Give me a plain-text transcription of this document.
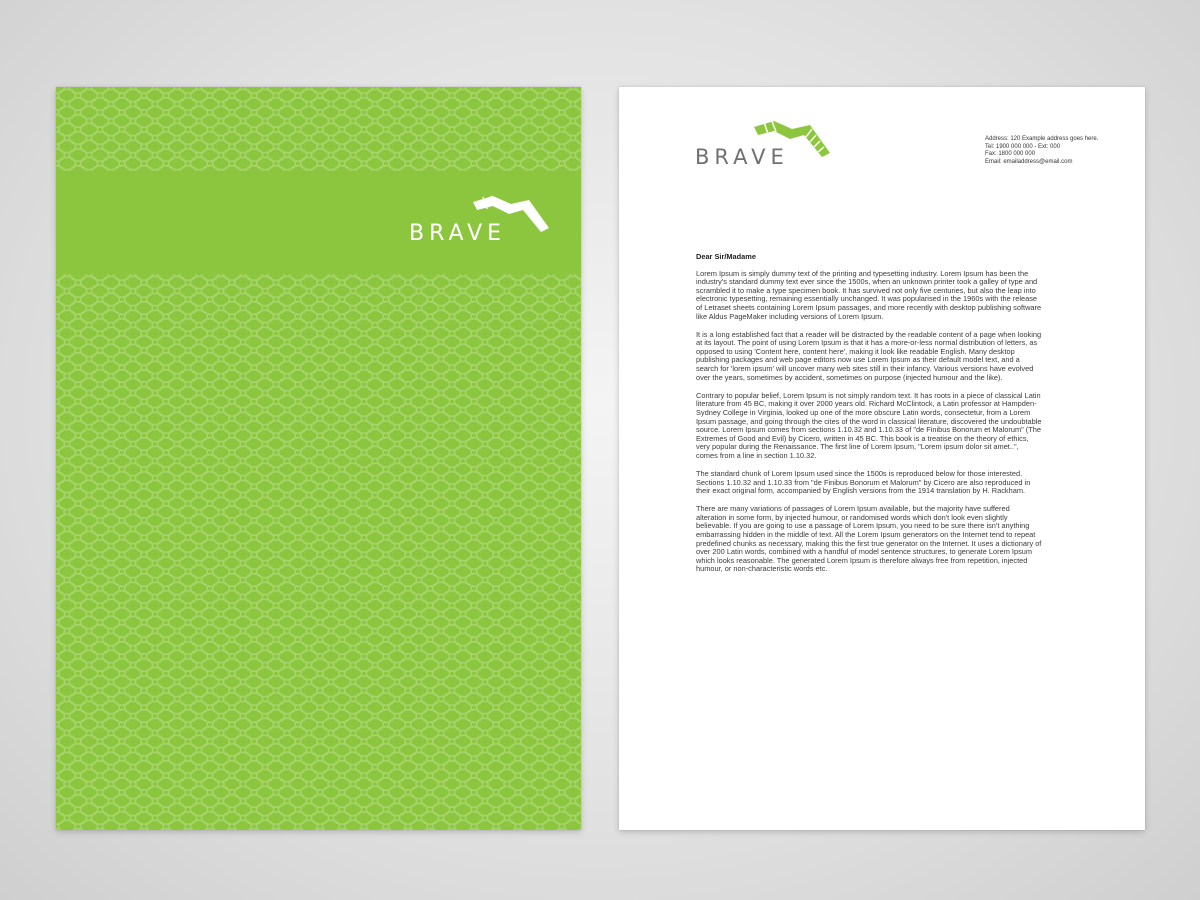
BRAVE
BRAVE
Address: 120 Example address goes here.
Tel: 1900 000 000 - Ext: 000
Fax: 1800 000 000
Email: emailaddress@email.com
Dear Sir/Madame

Lorem Ipsum is simply dummy text of the printing and typesetting industry. Lorem Ipsum has been the industry's standard dummy text ever since the 1500s, when an unknown printer took a galley of type and scrambled it to make a type specimen book. It has survived not only five centuries, but also the leap into electronic typesetting, remaining essentially unchanged. It was popularised in the 1960s with the release of Letraset sheets containing Lorem Ipsum passages, and more recently with desktop publishing software like Aldus PageMaker including versions of Lorem Ipsum.

It is a long established fact that a reader will be distracted by the readable content of a page when looking at its layout. The point of using Lorem Ipsum is that it has a more-or-less normal distribution of letters, as opposed to using 'Content here, content here', making it look like readable English. Many desktop publishing packages and web page editors now use Lorem Ipsum as their default model text, and a search for 'lorem ipsum' will uncover many web sites still in their infancy. Various versions have evolved over the years, sometimes by accident, sometimes on purpose (injected humour and the like).

Contrary to popular belief, Lorem Ipsum is not simply random text. It has roots in a piece of classical Latin literature from 45 BC, making it over 2000 years old. Richard McClintock, a Latin professor at Hampden-Sydney College in Virginia, looked up one of the more obscure Latin words, consectetur, from a Lorem Ipsum passage, and going through the cites of the word in classical literature, discovered the undoubtable source. Lorem Ipsum comes from sections 1.10.32 and 1.10.33 of "de Finibus Bonorum et Malorum" (The Extremes of Good and Evil) by Cicero, written in 45 BC. This book is a treatise on the theory of ethics, very popular during the Renaissance. The first line of Lorem Ipsum, "Lorem ipsum dolor sit amet..", comes from a line in section 1.10.32.

The standard chunk of Lorem Ipsum used since the 1500s is reproduced below for those interested. Sections 1.10.32 and 1.10.33 from "de Finibus Bonorum et Malorum" by Cicero are also reproduced in their exact original form, accompanied by English versions from the 1914 translation by H. Rackham.

There are many variations of passages of Lorem Ipsum available, but the majority have suffered alteration in some form, by injected humour, or randomised words which don't look even slightly believable. If you are going to use a passage of Lorem Ipsum, you need to be sure there isn't anything embarrassing hidden in the middle of text. All the Lorem Ipsum generators on the Internet tend to repeat predefined chunks as necessary, making this the first true generator on the Internet. It uses a dictionary of over 200 Latin words, combined with a handful of model sentence structures, to generate Lorem Ipsum which looks reasonable. The generated Lorem Ipsum is therefore always free from repetition, injected humour, or non-characteristic words etc.
